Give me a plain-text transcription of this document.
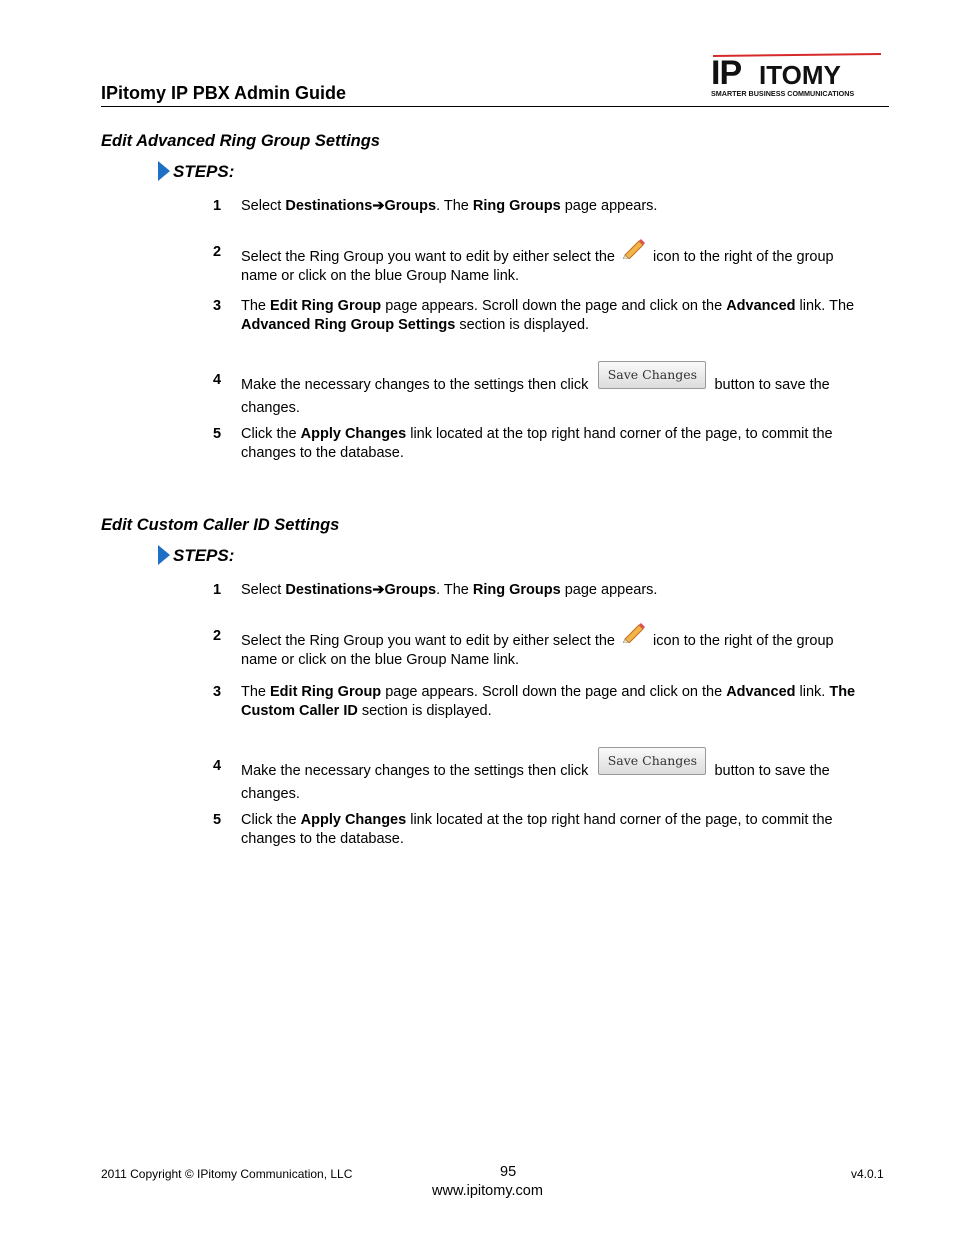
IPitomy IP PBX Admin Guide
IP ITOMY
SMARTER BUSINESS COMMUNICATIONS
Edit Advanced Ring Group Settings
STEPS:
1 Select Destinations➔Groups. The Ring Groups page appears.
2 Select the Ring Group you want to edit by either select the  icon to the right of the group name or click on the blue Group Name link.
3 The Edit Ring Group page appears. Scroll down the page and click on the Advanced link. The Advanced Ring Group Settings section is displayed.
4 Make the necessary changes to the settings then click Save Changes button to save the changes.
5 Click the Apply Changes link located at the top right hand corner of the page, to commit the changes to the database.
Edit Custom Caller ID Settings
STEPS:
1 Select Destinations➔Groups. The Ring Groups page appears.
2 Select the Ring Group you want to edit by either select the  icon to the right of the group name or click on the blue Group Name link.
3 The Edit Ring Group page appears. Scroll down the page and click on the Advanced link. The Custom Caller ID section is displayed.
4 Make the necessary changes to the settings then click Save Changes button to save the changes.
5 Click the Apply Changes link located at the top right hand corner of the page, to commit the changes to the database.
2011 Copyright © IPitomy Communication, LLC	95
www.ipitomy.com
v4.0.1
